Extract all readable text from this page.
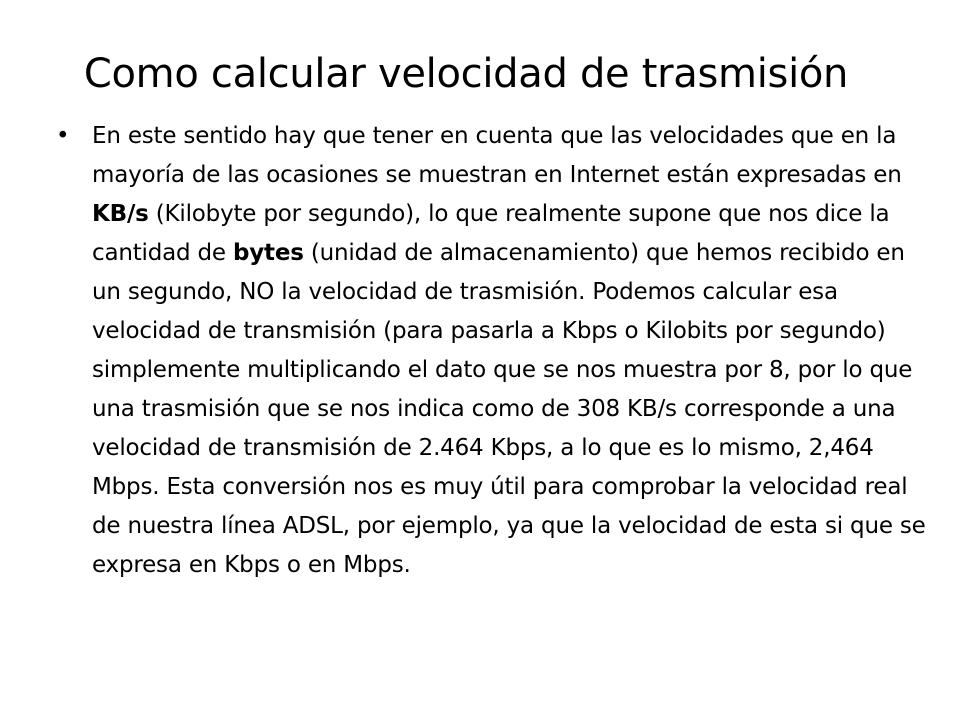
Como calcular velocidad de trasmisión
• En este sentido hay que tener en cuenta que las velocidades que en la mayoría de las ocasiones se muestran en Internet están expresadas en KB/s (Kilobyte por segundo), lo que realmente supone que nos dice la cantidad de bytes (unidad de almacenamiento) que hemos recibido en un segundo, NO la velocidad de trasmisión. Podemos calcular esa velocidad de transmisión (para pasarla a Kbps o Kilobits por segundo) simplemente multiplicando el dato que se nos muestra por 8, por lo que una trasmisión que se nos indica como de 308 KB/s corresponde a una velocidad de transmisión de 2.464 Kbps, a lo que es lo mismo, 2,464 Mbps. Esta conversión nos es muy útil para comprobar la velocidad real de nuestra línea ADSL, por ejemplo, ya que la velocidad de esta si que se expresa en Kbps o en Mbps.
